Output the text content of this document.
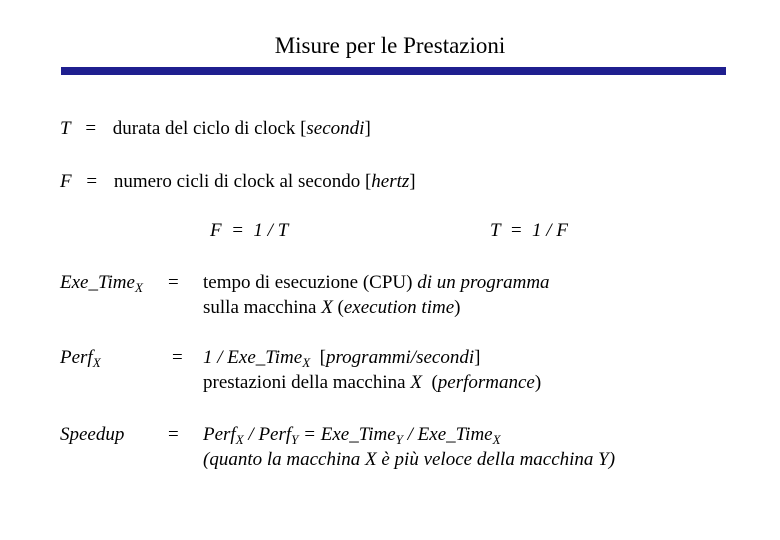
Misure per le Prestazioni
T = durata del ciclo di clock [secondi]
F = numero cicli di clock al secondo [hertz]
F  =  1 / T	T  =  1 / F
Exe_Time$_X$ = tempo di esecuzione (CPU) di un programma
sulla macchina X (execution time)
Perf$_X$	= 1 / Exe_Time$_X$  [programmi/secondi]
prestazioni della macchina X  (performance)
Speedup = Perf$_X$ / Perf$_Y$ = Exe_Time$_Y$ / Exe_Time$_X$
(quanto la macchina X è più veloce della macchina Y)
